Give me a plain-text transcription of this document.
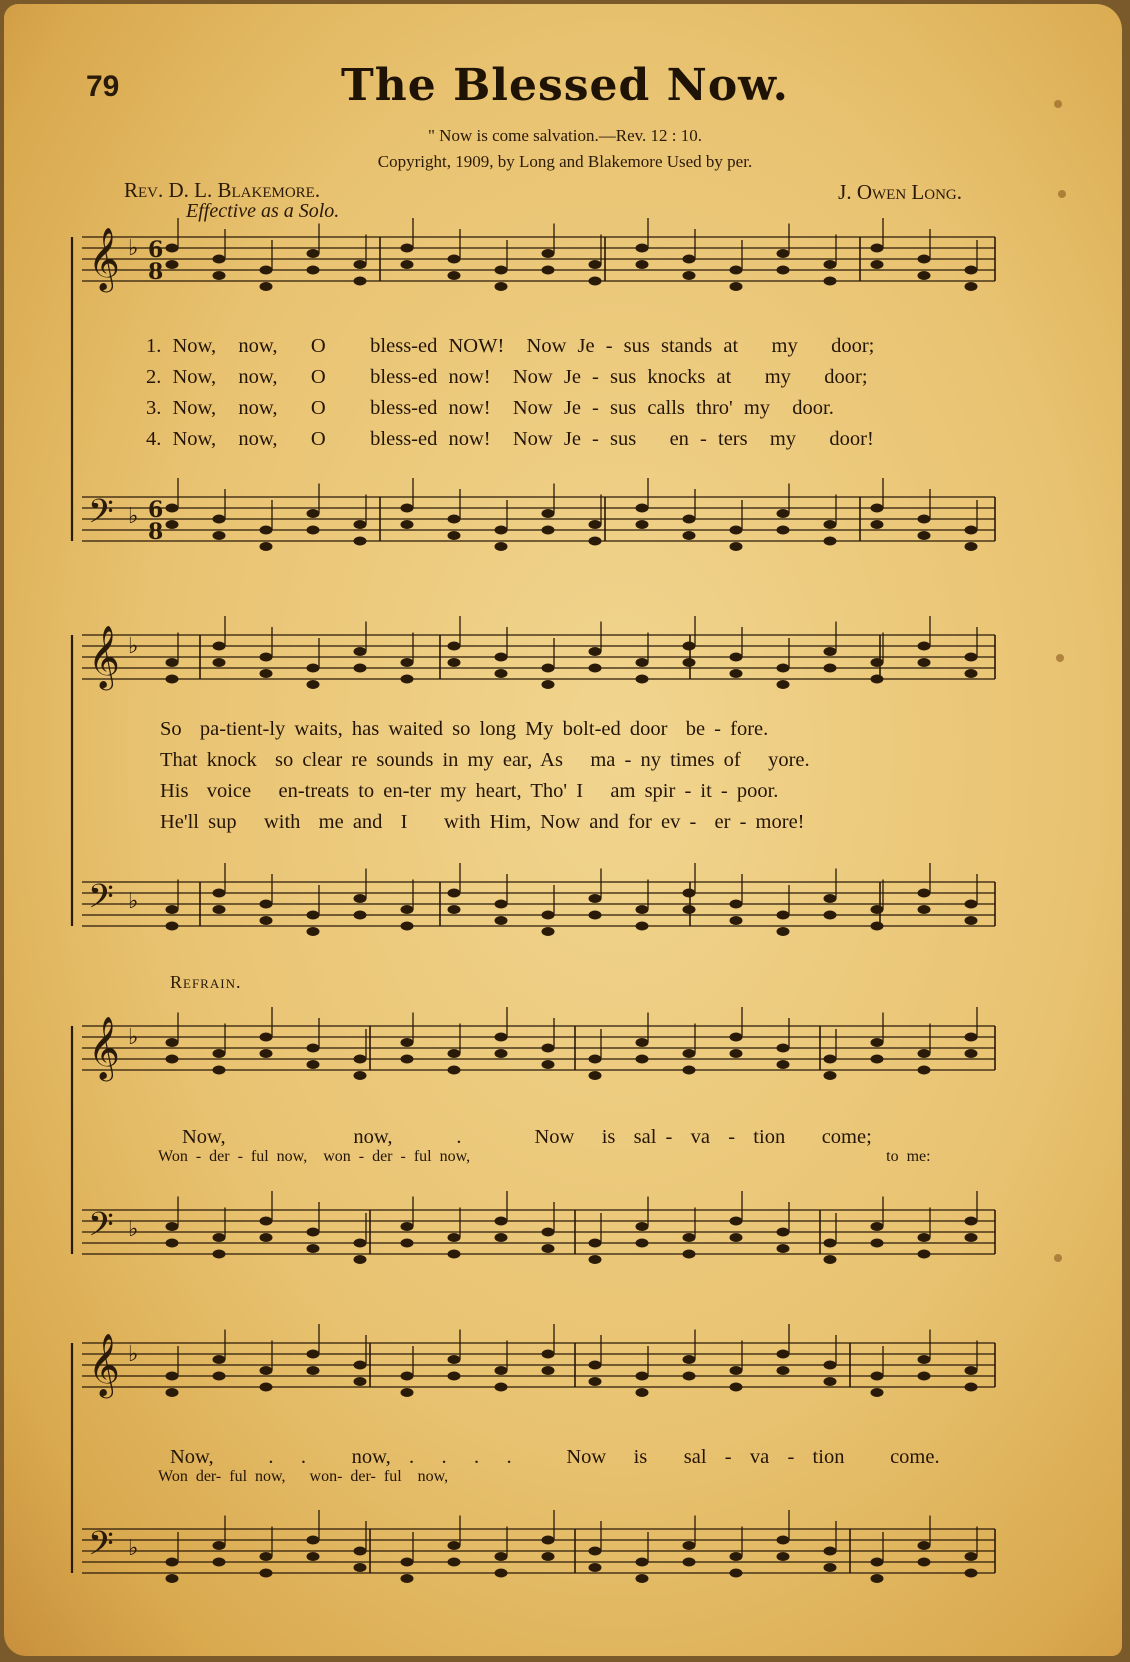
𝄞 ♭
𝄢 ♭
𝄞 ♭
𝄢 ♭
𝄞 ♭
𝄢 ♭
𝄞 ♭
𝄢 ♭
6
8
6
8
79	The Blessed Now.
" Now is come salvation.—Rev. 12 : 10.
Copyright, 1909, by Long and Blakemore Used by per.
Rev. D. L. Blakemore.	J. Owen Long.
Effective as a Solo.
1. Now,  now,   O    bless-ed NOW!  Now Je - sus stands at   my   door;
2. Now,  now,   O    bless-ed now!  Now Je - sus knocks at   my   door;
3. Now,  now,   O    bless-ed now!  Now Je - sus calls thro' my  door.
4. Now,  now,   O    bless-ed now!  Now Je - sus   en - ters  my   door!
So  pa-tient-ly waits, has waited so long My bolt-ed door  be - fore.
That knock  so clear re sounds in my ear, As   ma - ny times of   yore.
His  voice   en-treats to en-ter my heart, Tho' I   am spir - it - poor.
He'll sup   with  me and  I    with Him, Now and for ev -  er - more!
Refrain.
Now,              now,       .        Now   is  sal -  va  -  tion    come;
Won - der - ful now,  won - der - ful now,                                                    to me:
Now,      .   .     now,  .   .   .   .      Now   is    sal  -  va  -  tion     come.
Won der- ful now,   won- der- ful  now,
